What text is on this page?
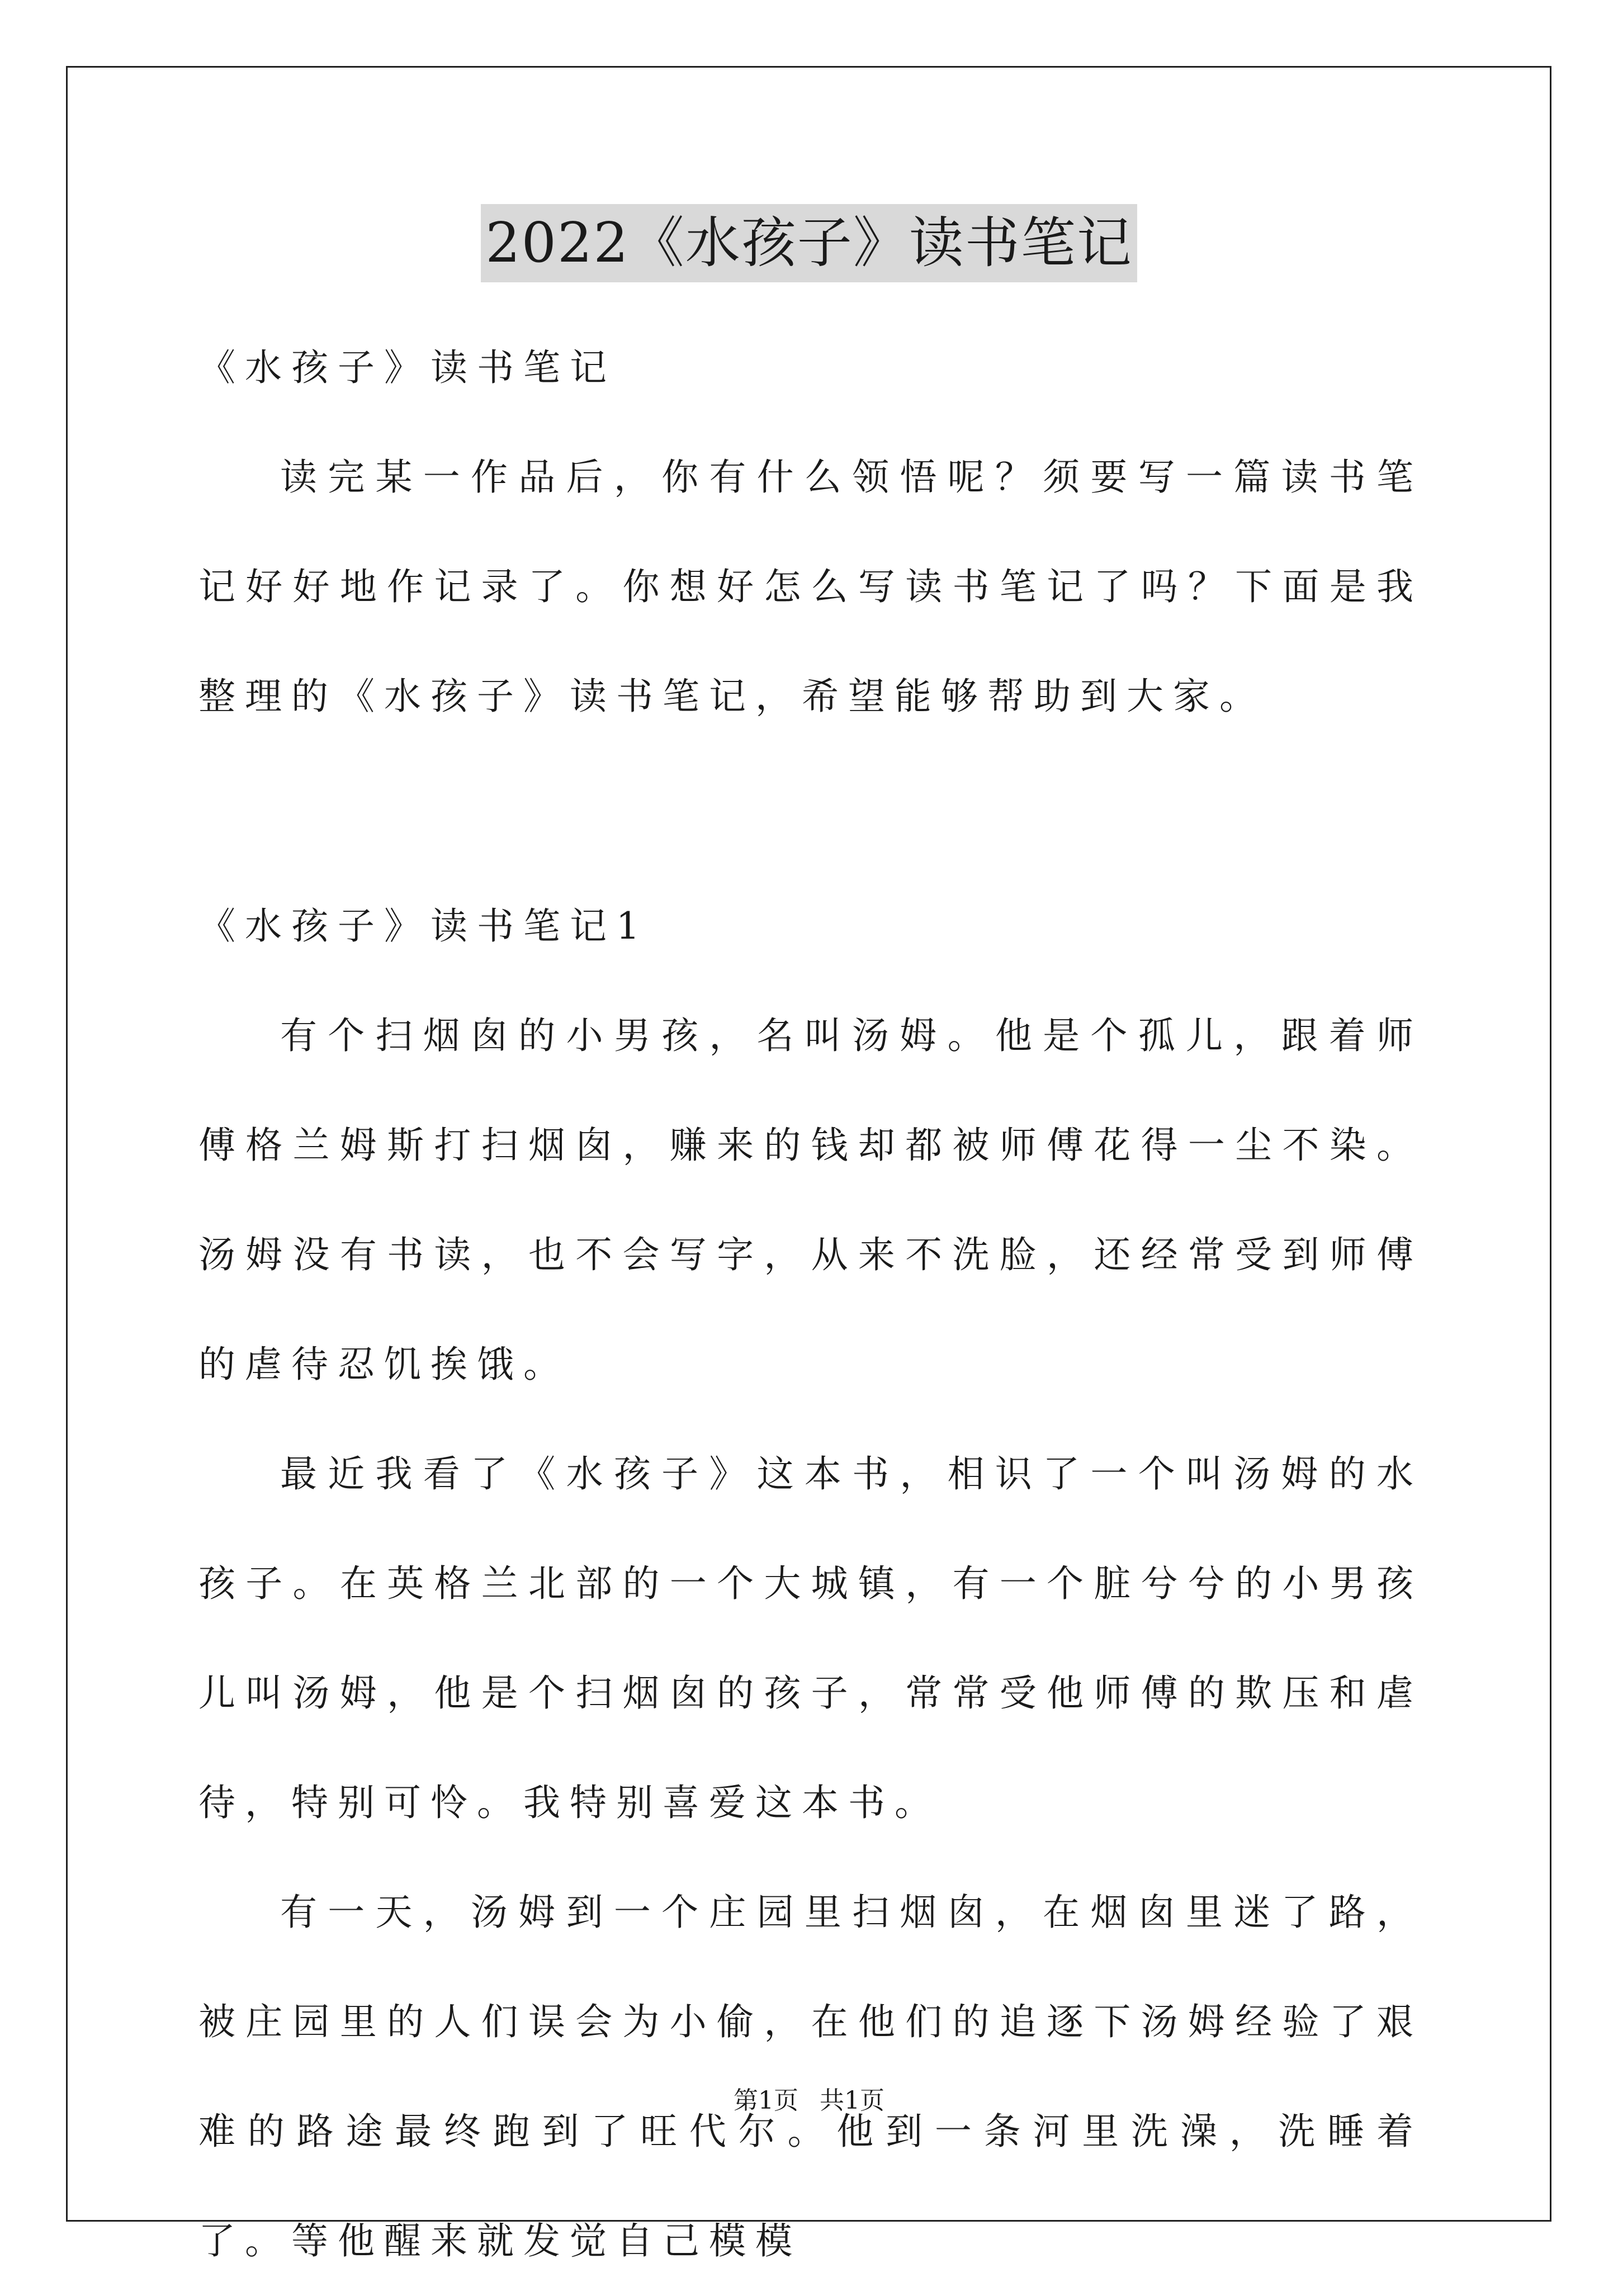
2022《水孩子》读书笔记

《水孩子》读书笔记

读完某一作品后，你有什么领悟呢？须要写一篇读书笔记好好地作记录了。你想好怎么写读书笔记了吗？下面是我整理的《水孩子》读书笔记，希望能够帮助到大家。

《水孩子》读书笔记1

有个扫烟囱的小男孩，名叫汤姆。他是个孤儿，跟着师傅格兰姆斯打扫烟囱，赚来的钱却都被师傅花得一尘不染。汤姆没有书读，也不会写字，从来不洗脸，还经常受到师傅的虐待忍饥挨饿。

最近我看了《水孩子》这本书，相识了一个叫汤姆的水孩子。在英格兰北部的一个大城镇，有一个脏兮兮的小男孩儿叫汤姆，他是个扫烟囱的孩子，常常受他师傅的欺压和虐待，特别可怜。我特别喜爱这本书。

有一天，汤姆到一个庄园里扫烟囱，在烟囱里迷了路，被庄园里的人们误会为小偷，在他们的追逐下汤姆经验了艰难的路途最终跑到了旺代尔。他到一条河里洗澡，洗睡着了。等他醒来就发觉自己模模

第1页 共1页
